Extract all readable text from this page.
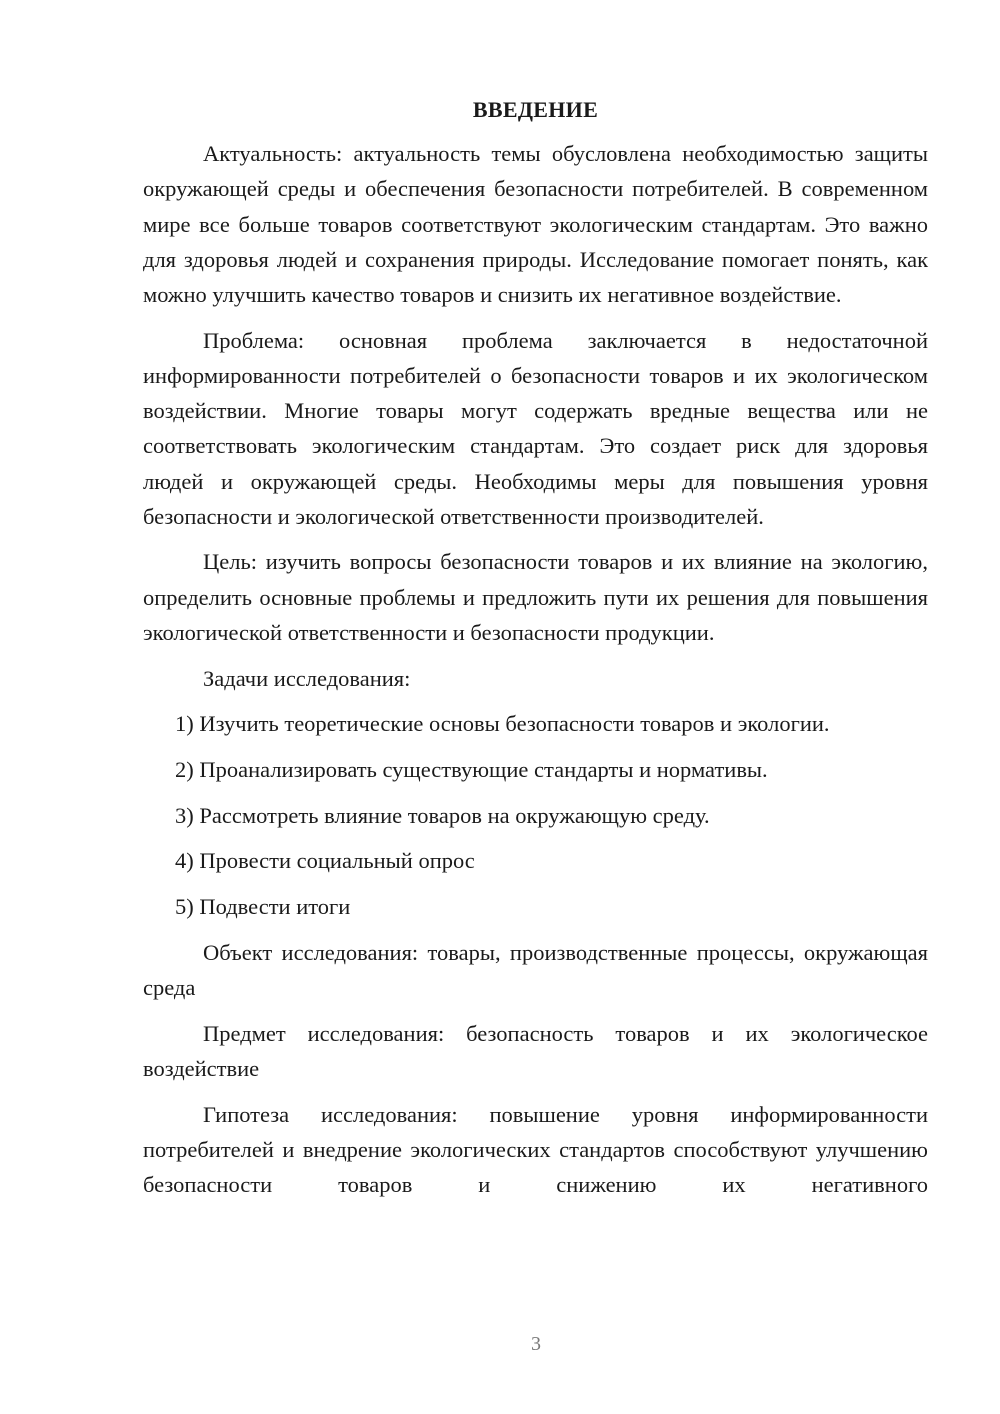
ВВЕДЕНИЕ

Актуальность: актуальность темы обусловлена необходимостью защиты окружающей среды и обеспечения безопасности потребителей. В современном мире все больше товаров соответствуют экологическим стандартам. Это важно для здоровья людей и сохранения природы. Исследование помогает понять, как можно улучшить качество товаров и снизить их негативное воздействие.

Проблема: основная проблема заключается в недостаточной информированности потребителей о безопасности товаров и их экологическом воздействии. Многие товары могут содержать вредные вещества или не соответствовать экологическим стандартам. Это создает риск для здоровья людей и окружающей среды. Необходимы меры для повышения уровня безопасности и экологической ответственности производителей.

Цель: изучить вопросы безопасности товаров и их влияние на экологию, определить основные проблемы и предложить пути их решения для повышения экологической ответственности и безопасности продукции.

Задачи исследования:

1) Изучить теоретические основы безопасности товаров и экологии.

2) Проанализировать существующие стандарты и нормативы.

3) Рассмотреть влияние товаров на окружающую среду.

4) Провести социальный опрос

5) Подвести итоги

Объект исследования: товары, производственные процессы, окружающая среда

Предмет исследования: безопасность товаров и их экологическое воздействие

Гипотеза исследования: повышение уровня информированности потребителей и внедрение экологических стандартов способствуют улучшению безопасности товаров и снижению их негативного

3
